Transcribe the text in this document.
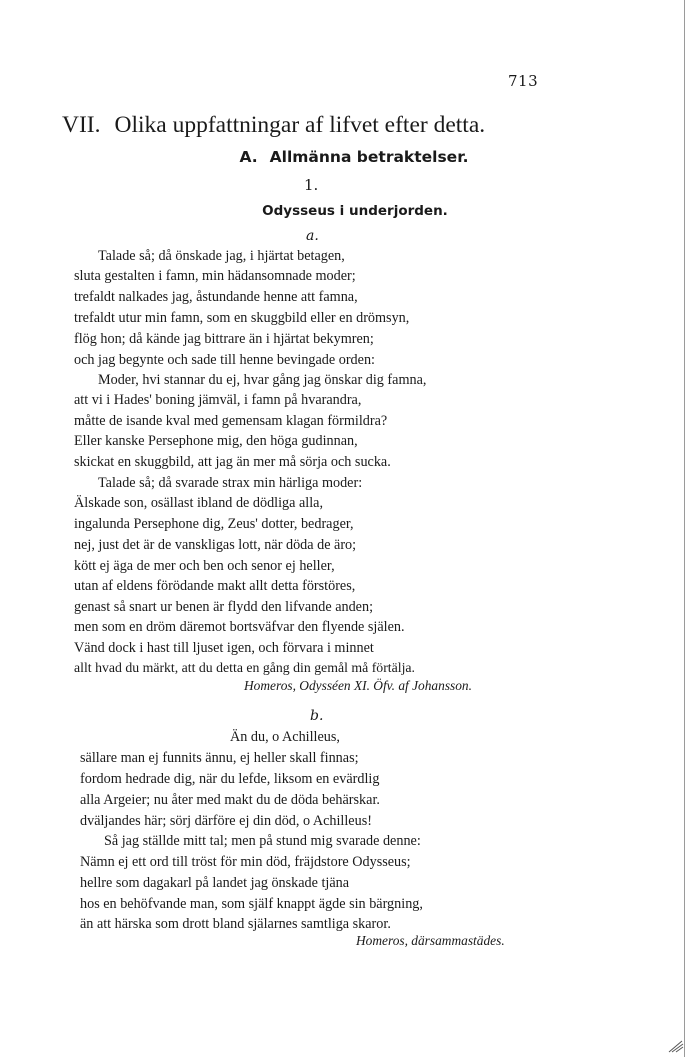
713
VII. Olika uppfattningar af lifvet efter detta.
A. Allmänna betraktelser.
1.
Odysseus i underjorden.
a.
Talade så; då önskade jag, i hjärtat betagen,
sluta gestalten i famn, min hädansomnade moder;
trefaldt nalkades jag, åstundande henne att famna,
trefaldt utur min famn, som en skuggbild eller en drömsyn,
flög hon; då kände jag bittrare än i hjärtat bekymren;
och jag begynte och sade till henne bevingade orden:
Moder, hvi stannar du ej, hvar gång jag önskar dig famna,
att vi i Hades' boning jämväl, i famn på hvarandra,
måtte de isande kval med gemensam klagan förmildra?
Eller kanske Persephone mig, den höga gudinnan,
skickat en skuggbild, att jag än mer må sörja och sucka.
Talade så; då svarade strax min härliga moder:
Älskade son, osällast ibland de dödliga alla,
ingalunda Persephone dig, Zeus' dotter, bedrager,
nej, just det är de vanskligas lott, när döda de äro;
kött ej äga de mer och ben och senor ej heller,
utan af eldens förödande makt allt detta förstöres,
genast så snart ur benen är flydd den lifvande anden;
men som en dröm däremot bortsväfvar den flyende själen.
Vänd dock i hast till ljuset igen, och förvara i minnet
allt hvad du märkt, att du detta en gång din gemål må förtälja.
Homeros, Odysséen XI. Öfv. af Johansson.
b.
Än du, o Achilleus,
sällare man ej funnits ännu, ej heller skall finnas;
fordom hedrade dig, när du lefde, liksom en evärdlig
alla Argeier; nu åter med makt du de döda behärskar.
dväljandes här; sörj därföre ej din död, o Achilleus!
Så jag ställde mitt tal; men på stund mig svarade denne:
Nämn ej ett ord till tröst för min död, fräjdstore Odysseus;
hellre som dagakarl på landet jag önskade tjäna
hos en behöfvande man, som själf knappt ägde sin bärgning,
än att härska som drott bland själarnes samtliga skaror.
Homeros, därsammastädes.
